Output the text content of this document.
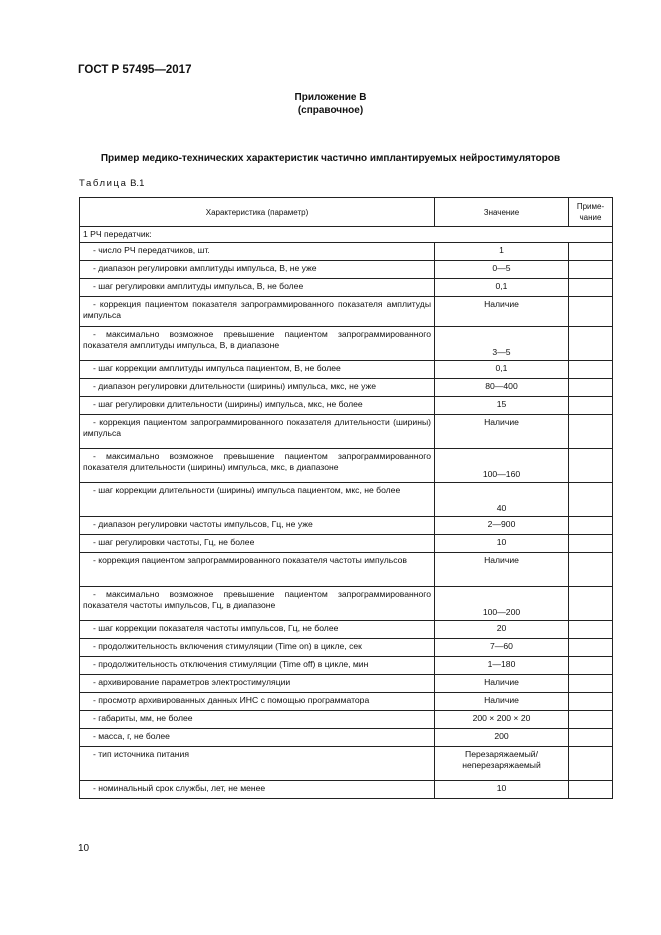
ГОСТ Р 57495—2017
Приложение В
(справочное)
Пример медико-технических характеристик частично имплантируемых нейростимуляторов
Таблица В.1
Характеристика (параметр)	Значение	Приме-
чание

1 РЧ передатчик:		
- число РЧ передатчиков, шт.	1	
- диапазон регулировки амплитуды импульса, В, не уже	0—5	
- шаг регулировки амплитуды импульса, В, не более	0,1	
- коррекция пациентом показателя запрограммированного показателя амплитуды импульса	Наличие	
- максимально возможное превышение пациентом запрограммированного показателя амплитуды импульса, В, в диапазоне	3—5	
- шаг коррекции амплитуды импульса пациентом, В, не более	0,1	
- диапазон регулировки длительности (ширины) импульса, мкс, не уже	80—400	
- шаг регулировки длительности (ширины) импульса, мкс, не более	15	
- коррекция пациентом запрограммированного показателя длительности (ширины) импульса	Наличие	
- максимально возможное превышение пациентом запрограммированного показателя длительности (ширины) импульса, мкс, в диапазоне	100—160	
- шаг коррекции длительности (ширины) импульса пациентом, мкс, не более	40	
- диапазон регулировки частоты импульсов, Гц, не уже	2—900	
- шаг регулировки частоты, Гц, не более	10	
- коррекция пациентом запрограммированного показателя частоты импульсов	Наличие	
- максимально возможное превышение пациентом запрограммированного показателя частоты импульсов, Гц, в диапазоне	100—200	
- шаг коррекции показателя частоты импульсов, Гц, не более	20	
- продолжительность включения стимуляции (Time on) в цикле, сек	7—60	
- продолжительность отключения стимуляции (Time off) в цикле, мин	1—180	
- архивирование параметров электростимуляции	Наличие	
- просмотр архивированных данных ИНС с помощью программатора	Наличие	
- габариты, мм, не более	200 × 200 × 20	
- масса, г, не более	200	
- тип источника питания	Перезаряжаемый/ неперезаряжаемый	
- номинальный срок службы, лет, не менее	10	
10
